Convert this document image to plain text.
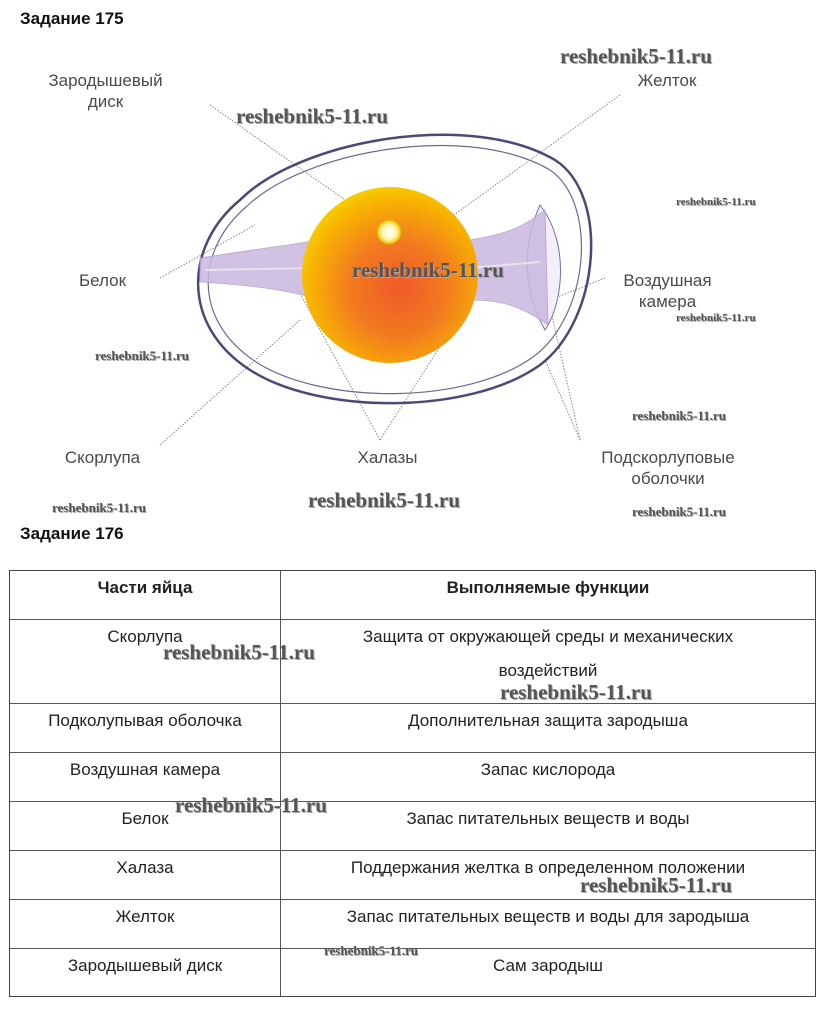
Задание 175
Зародышевый
диск
Желток
Белок	Воздушная
камера
Скорлупа	Халазы	Подскорлуповые
оболочки
reshebnik5-11.ru
reshebnik5-11.ru
reshebnik5-11.ru
reshebnik5-11.ru
reshebnik5-11.ru
reshebnik5-11.ru
reshebnik5-11.ru
reshebnik5-11.ru	reshebnik5-11.ru	reshebnik5-11.ru
Задание 176
Части яйца	Выполняемые функции
Скорлупа	Защита от окружающей среды и механических
воздействий
Подколупывая оболочка	Дополнительная защита зародыша
Воздушная камера	Запас кислорода
Белок	Запас питательных веществ и воды
Халаза	Поддержания желтка в определенном положении
Желток	Запас питательных веществ и воды для зародыша
Зародышевый диск	Сам зародыш
reshebnik5-11.ru
reshebnik5-11.ru
reshebnik5-11.ru
reshebnik5-11.ru
reshebnik5-11.ru
